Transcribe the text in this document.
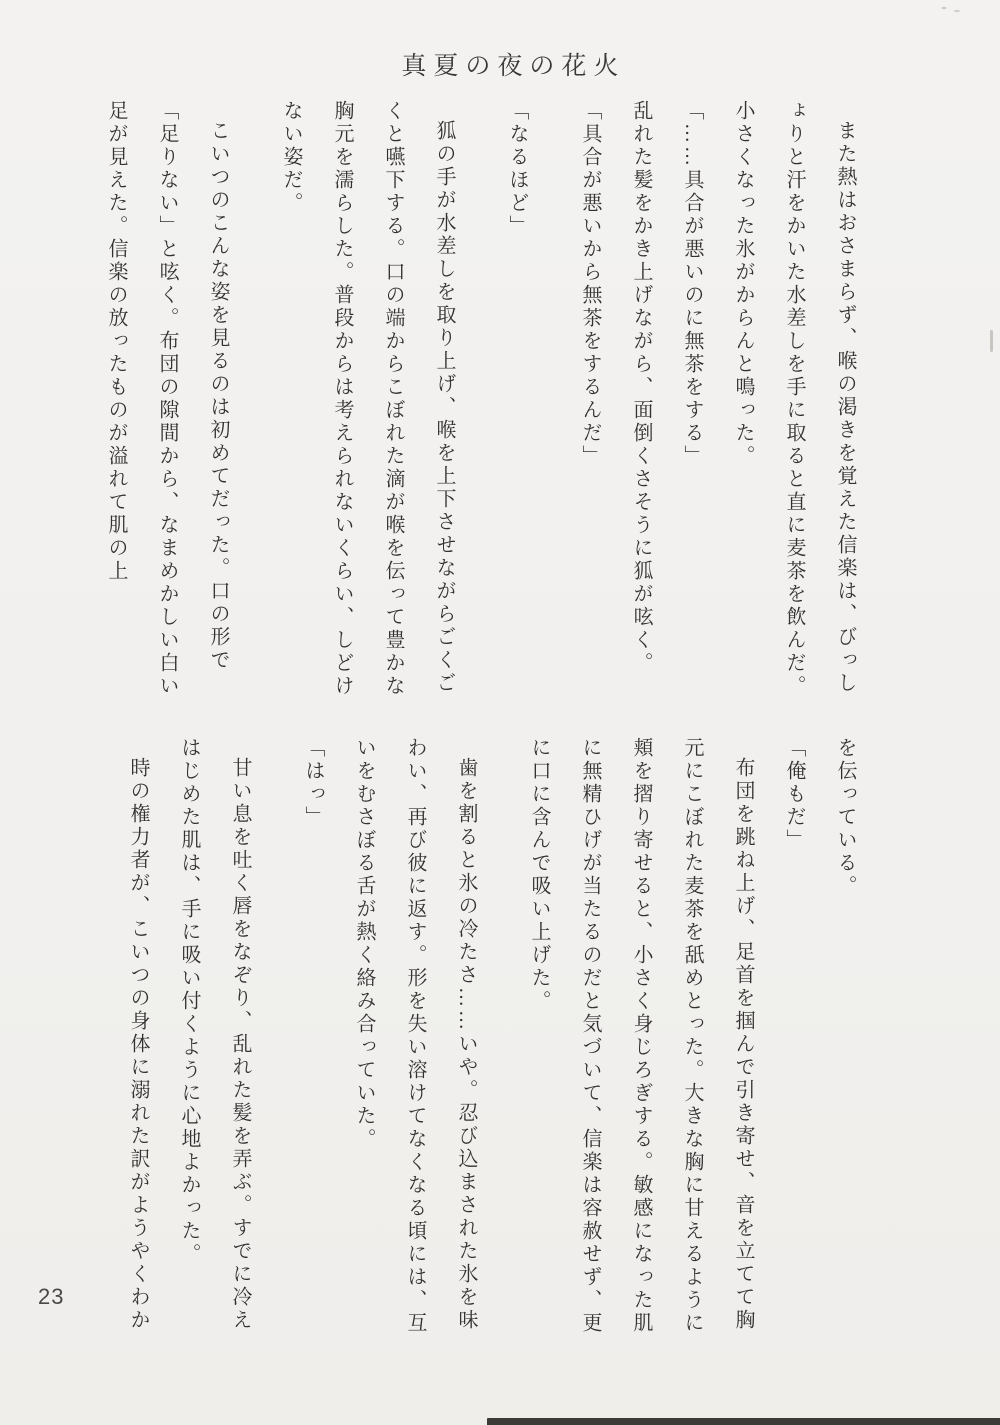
真夏の夜の花火

また熱はおさまらず、喉の渇きを覚えた信楽は、びっしょりと汗をかいた水差しを手に取ると直に麦茶を飲んだ。小さくなった氷がからんと鳴った。

「……具合が悪いのに無茶をする」

乱れた髪をかき上げながら、面倒くさそうに狐が呟く。

「具合が悪いから無茶をするんだ」

「なるほど」

狐の手が水差しを取り上げ、喉を上下させながらごくごくと嚥下する。口の端からこぼれた滴が喉を伝って豊かな胸元を濡らした。普段からは考えられないくらい、しどけない姿だ。

こいつのこんな姿を見るのは初めてだった。口の形で「足りない」と呟く。布団の隙間から、なまめかしい白い足が見えた。信楽の放ったものが溢れて肌の上

を伝っている。

「俺もだ」

布団を跳ね上げ、足首を掴んで引き寄せ、音を立てて胸元にこぼれた麦茶を舐めとった。大きな胸に甘えるように頬を摺り寄せると、小さく身じろぎする。敏感になった肌に無精ひげが当たるのだと気づいて、信楽は容赦せず、更に口に含んで吸い上げた。

歯を割ると氷の冷たさ……いや。忍び込まされた氷を味わい、再び彼に返す。形を失い溶けてなくなる頃には、互いをむさぼる舌が熱く絡み合っていた。

「はっ」

甘い息を吐く唇をなぞり、乱れた髪を弄ぶ。すでに冷えはじめた肌は、手に吸い付くように心地よかった。

時の権力者が、こいつの身体に溺れた訳がようやくわか

23
